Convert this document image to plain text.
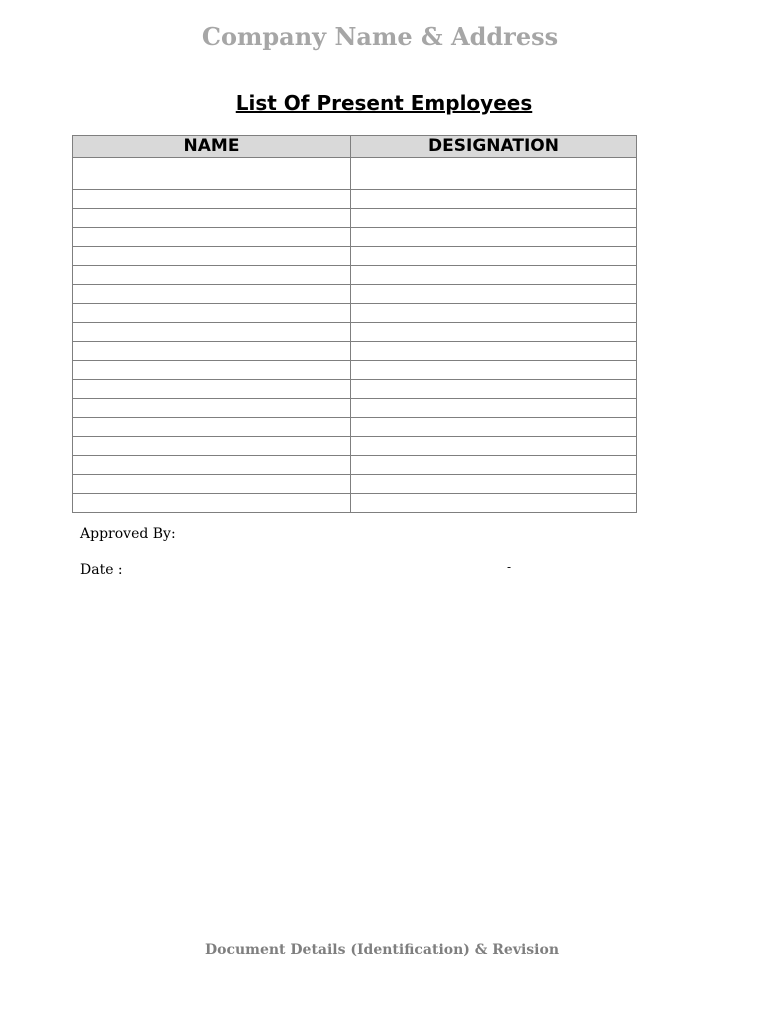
Company Name & Address
List Of Present Employees
NAME	DESIGNATION

Approved By:
Date :	-
Document Details (Identification) & Revision
